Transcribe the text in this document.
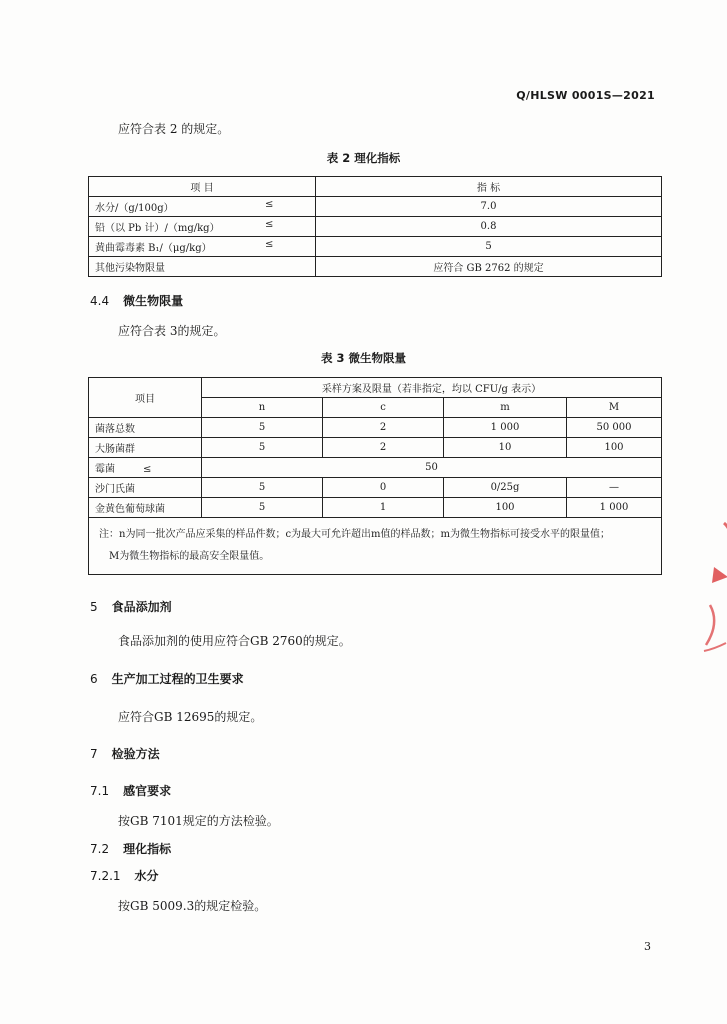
Q/HLSW 0001S—2021
应符合表 2 的规定。
表 2 理化指标
项 目	指 标
水分/（g/100g） ≤	7.0
铅（以 Pb 计）/（mg/kg） ≤	0.8
黄曲霉毒素 B₁/（μg/kg） ≤	5
其他污染物限量	应符合 GB 2762 的规定
4.4 微生物限量
应符合表 3的规定。
表 3 微生物限量
项目	采样方案及限量（若非指定，均以 CFU/g 表示）			
	n	c	m	M
菌落总数	5	2	1 000	50 000
大肠菌群	5	2	10	100
霉菌 ≤	50			
沙门氏菌	5	0	0/25g	—
金黄色葡萄球菌	5	1	100	1 000

注：n为同一批次产品应采集的样品件数；c为最大可允许超出m值的样品数；m为微生物指标可接受水平的限量值；
M为微生物指标的最高安全限量值。				
5 食品添加剂
食品添加剂的使用应符合GB 2760的规定。
6 生产加工过程的卫生要求
应符合GB 12695的规定。
7 检验方法
7.1 感官要求
按GB 7101规定的方法检验。
7.2 理化指标
7.2.1 水分
按GB 5009.3的规定检验。
3
